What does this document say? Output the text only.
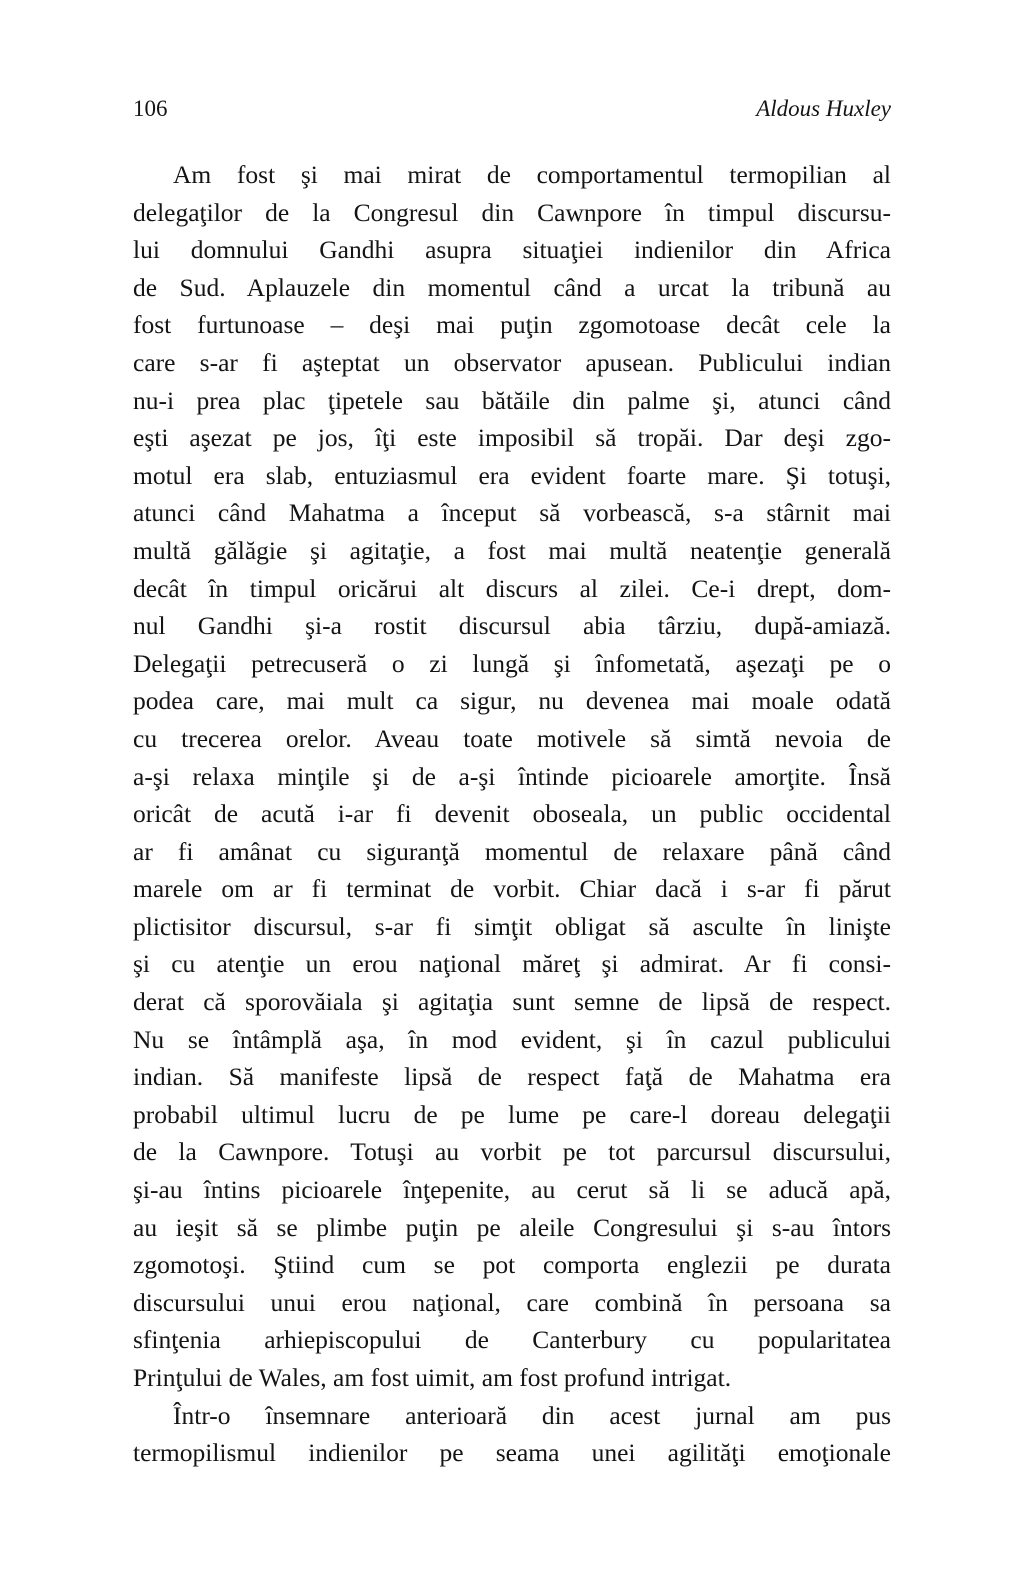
106	Aldous Huxley
Am fost şi mai mirat de comportamentul termopilian al
delegaţilor de la Congresul din Cawnpore în timpul discursu-
lui domnului Gandhi asupra situaţiei indienilor din Africa
de Sud. Aplauzele din momentul când a urcat la tribună au
fost furtunoase – deşi mai puţin zgomotoase decât cele la
care s-ar fi aşteptat un observator apusean. Publicului indian
nu-i prea plac ţipetele sau bătăile din palme şi, atunci când
eşti aşezat pe jos, îţi este imposibil să tropăi. Dar deşi zgo-
motul era slab, entuziasmul era evident foarte mare. Şi totuşi,
atunci când Mahatma a început să vorbească, s-a stârnit mai
multă gălăgie şi agitaţie, a fost mai multă neatenţie generală
decât în timpul oricărui alt discurs al zilei. Ce-i drept, dom-
nul Gandhi şi-a rostit discursul abia târziu, după-amiază.
Delegaţii petrecuseră o zi lungă şi înfometată, aşezaţi pe o
podea care, mai mult ca sigur, nu devenea mai moale odată
cu trecerea orelor. Aveau toate motivele să simtă nevoia de
a-şi relaxa minţile şi de a-şi întinde picioarele amorţite. Însă
oricât de acută i-ar fi devenit oboseala, un public occidental
ar fi amânat cu siguranţă momentul de relaxare până când
marele om ar fi terminat de vorbit. Chiar dacă i s-ar fi părut
plictisitor discursul, s-ar fi simţit obligat să asculte în linişte
şi cu atenţie un erou naţional măreţ şi admirat. Ar fi consi-
derat că sporovăiala şi agitaţia sunt semne de lipsă de respect.
Nu se întâmplă aşa, în mod evident, şi în cazul publicului
indian. Să manifeste lipsă de respect faţă de Mahatma era
probabil ultimul lucru de pe lume pe care-l doreau delegaţii
de la Cawnpore. Totuşi au vorbit pe tot parcursul discursului,
şi-au întins picioarele înţepenite, au cerut să li se aducă apă,
au ieşit să se plimbe puţin pe aleile Congresului şi s-au întors
zgomotoşi. Ştiind cum se pot comporta englezii pe durata
discursului unui erou naţional, care combină în persoana sa
sfinţenia arhiepiscopului de Canterbury cu popularitatea
Prinţului de Wales, am fost uimit, am fost profund intrigat.
Într-o însemnare anterioară din acest jurnal am pus
termopilismul indienilor pe seama unei agilităţi emoţionale
